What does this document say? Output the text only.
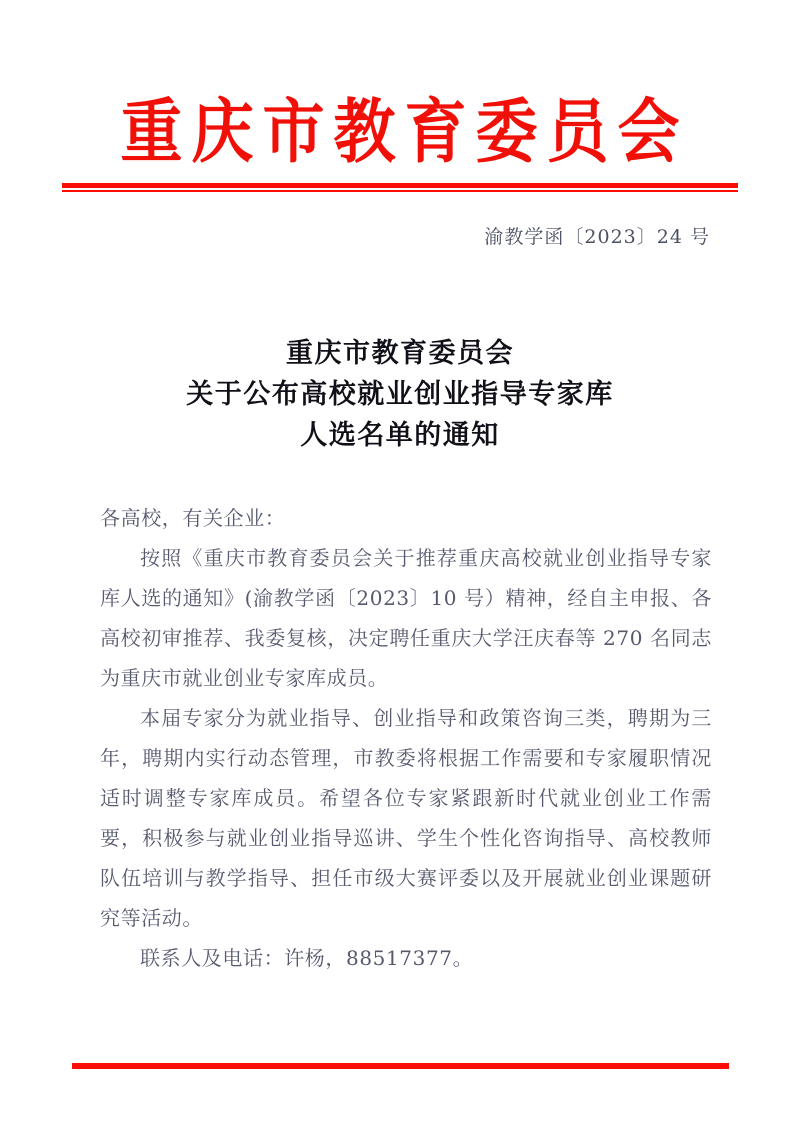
重庆市教育委员会
渝教学函〔2023〕24 号
重庆市教育委员会
关于公布高校就业创业指导专家库
人选名单的通知

各高校，有关企业：

按照《重庆市教育委员会关于推荐重庆高校就业创业指导专家库人选的通知》(渝教学函〔2023〕10 号）精神，经自主申报、各高校初审推荐、我委复核，决定聘任重庆大学汪庆春等 270 名同志为重庆市就业创业专家库成员。

本届专家分为就业指导、创业指导和政策咨询三类，聘期为三年，聘期内实行动态管理，市教委将根据工作需要和专家履职情况适时调整专家库成员。希望各位专家紧跟新时代就业创业工作需要，积极参与就业创业指导巡讲、学生个性化咨询指导、高校教师队伍培训与教学指导、担任市级大赛评委以及开展就业创业课题研究等活动。

联系人及电话：许杨，88517377。
